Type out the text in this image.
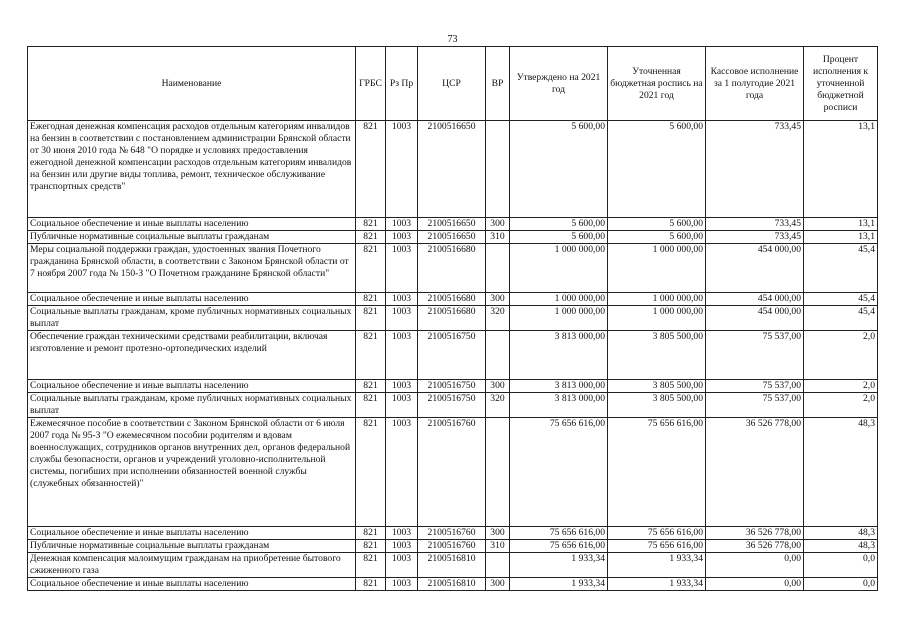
73
Наименование	ГРБС	Рз Пр	ЦСР	ВР	Утверждено на 2021 год	Уточненная бюджетная роспись на 2021 год	Кассовое исполнение за 1 полугодие 2021 года	Процент исполнения к уточненной бюджетной росписи
Ежегодная денежная компенсация расходов отдельным категориям инвалидов на бензин в соответствии с постановлением администрации Брянской области от 30 июня 2010 года № 648 "О порядке и условиях предоставления ежегодной денежной компенсации расходов отдельным категориям инвалидов на бензин или другие виды топлива, ремонт, техническое обслуживание транспортных средств"	821	1003	2100516650		5 600,00	5 600,00	733,45	13,1
Социальное обеспечение и иные выплаты населению	821	1003	2100516650	300	5 600,00	5 600,00	733,45	13,1
Публичные нормативные социальные выплаты гражданам	821	1003	2100516650	310	5 600,00	5 600,00	733,45	13,1
Меры социальной поддержки граждан, удостоенных звания Почетного гражданина Брянской области, в соответствии с Законом Брянской области от 7 ноября 2007 года № 150-З "О Почетном гражданине Брянской области"	821	1003	2100516680		1 000 000,00	1 000 000,00	454 000,00	45,4
Социальное обеспечение и иные выплаты населению	821	1003	2100516680	300	1 000 000,00	1 000 000,00	454 000,00	45,4
Социальные выплаты гражданам, кроме публичных нормативных социальных выплат	821	1003	2100516680	320	1 000 000,00	1 000 000,00	454 000,00	45,4
Обеспечение граждан техническими средствами реабилитации, включая изготовление и ремонт протезно-ортопедических изделий	821	1003	2100516750		3 813 000,00	3 805 500,00	75 537,00	2,0
Социальное обеспечение и иные выплаты населению	821	1003	2100516750	300	3 813 000,00	3 805 500,00	75 537,00	2,0
Социальные выплаты гражданам, кроме публичных нормативных социальных выплат	821	1003	2100516750	320	3 813 000,00	3 805 500,00	75 537,00	2,0
Ежемесячное пособие в соответствии с Законом Брянской области от 6 июля 2007 года № 95-З "О ежемесячном пособии родителям и вдовам военнослужащих, сотрудников органов внутренних дел, органов федеральной службы безопасности, органов и учреждений уголовно-исполнительной системы, погибших при исполнении обязанностей военной службы (служебных обязанностей)"	821	1003	2100516760		75 656 616,00	75 656 616,00	36 526 778,00	48,3
Социальное обеспечение и иные выплаты населению	821	1003	2100516760	300	75 656 616,00	75 656 616,00	36 526 778,00	48,3
Публичные нормативные социальные выплаты гражданам	821	1003	2100516760	310	75 656 616,00	75 656 616,00	36 526 778,00	48,3
Денежная компенсация малоимущим гражданам на приобретение бытового сжиженного газа	821	1003	2100516810		1 933,34	1 933,34	0,00	0,0
Социальное обеспечение и иные выплаты населению	821	1003	2100516810	300	1 933,34	1 933,34	0,00	0,0
